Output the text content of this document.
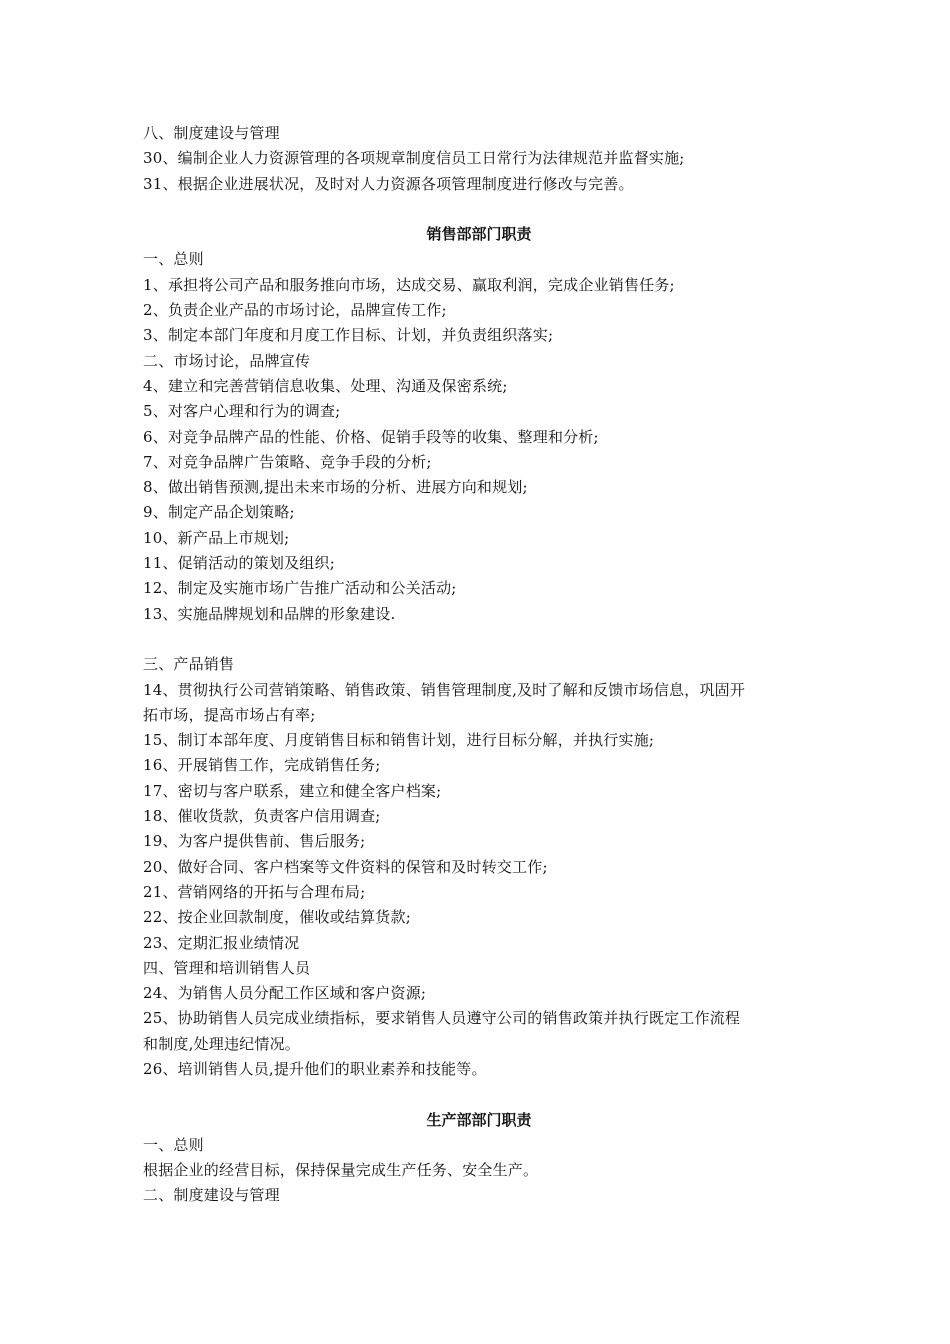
八、制度建设与管理
30、编制企业人力资源管理的各项规章制度信员工日常行为法律规范并监督实施;
31、根据企业进展状况，及时对人力资源各项管理制度进行修改与完善。
销售部部门职责
一、总则
1、承担将公司产品和服务推向市场，达成交易、赢取利润，完成企业销售任务;
2、负责企业产品的市场讨论，品牌宣传工作;
3、制定本部门年度和月度工作目标、计划，并负责组织落实;
二、市场讨论，品牌宣传
4、建立和完善营销信息收集、处理、沟通及保密系统;
5、对客户心理和行为的调查;
6、对竞争品牌产品的性能、价格、促销手段等的收集、整理和分析;
7、对竞争品牌广告策略、竞争手段的分析;
8、做出销售预测,提出未来市场的分析、进展方向和规划;
9、制定产品企划策略;
10、新产品上市规划;
11、促销活动的策划及组织;
12、制定及实施市场广告推广活动和公关活动;
13、实施品牌规划和品牌的形象建设.
三、产品销售
14、贯彻执行公司营销策略、销售政策、销售管理制度,及时了解和反馈市场信息，巩固开
拓市场，提高市场占有率;
15、制订本部年度、月度销售目标和销售计划，进行目标分解，并执行实施;
16、开展销售工作，完成销售任务;
17、密切与客户联系，建立和健全客户档案;
18、催收货款，负责客户信用调查;
19、为客户提供售前、售后服务;
20、做好合同、客户档案等文件资料的保管和及时转交工作;
21、营销网络的开拓与合理布局;
22、按企业回款制度，催收或结算货款;
23、定期汇报业绩情况
四、管理和培训销售人员
24、为销售人员分配工作区域和客户资源;
25、协助销售人员完成业绩指标，要求销售人员遵守公司的销售政策并执行既定工作流程
和制度,处理违纪情况。
26、培训销售人员,提升他们的职业素养和技能等。
生产部部门职责
一、总则
根据企业的经营目标，保持保量完成生产任务、安全生产。
二、制度建设与管理
